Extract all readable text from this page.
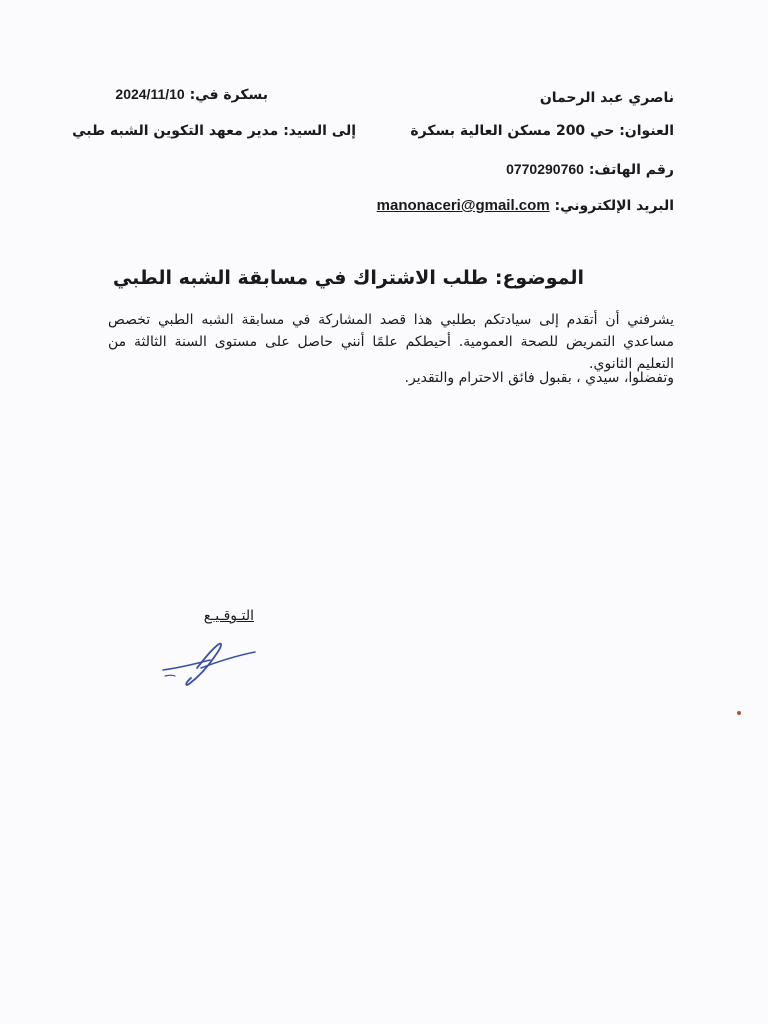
ناصري عبد الرحمان
العنوان: حي 200 مسكن العالية بسكرة
رقم الهاتف: 0770290760
البريد الإلكتروني: manonaceri@gmail.com
بسكرة في: 2024/11/10
إلى السيد: مدير معهد التكوين الشبه طبي
الموضوع: طلب الاشتراك في مسابقة الشبه الطبي
يشرفني أن أتقدم إلى سيادتكم بطلبي هذا قصد المشاركة في مسابقة الشبه الطبي تخصص مساعدي التمريض للصحة العمومية. أحيطكم علمًا أنني حاصل على مستوى السنة الثالثة من التعليم الثانوي.
وتفضلوا، سيدي ، بقبول فائق الاحترام والتقدير.
التـوقـيـع
